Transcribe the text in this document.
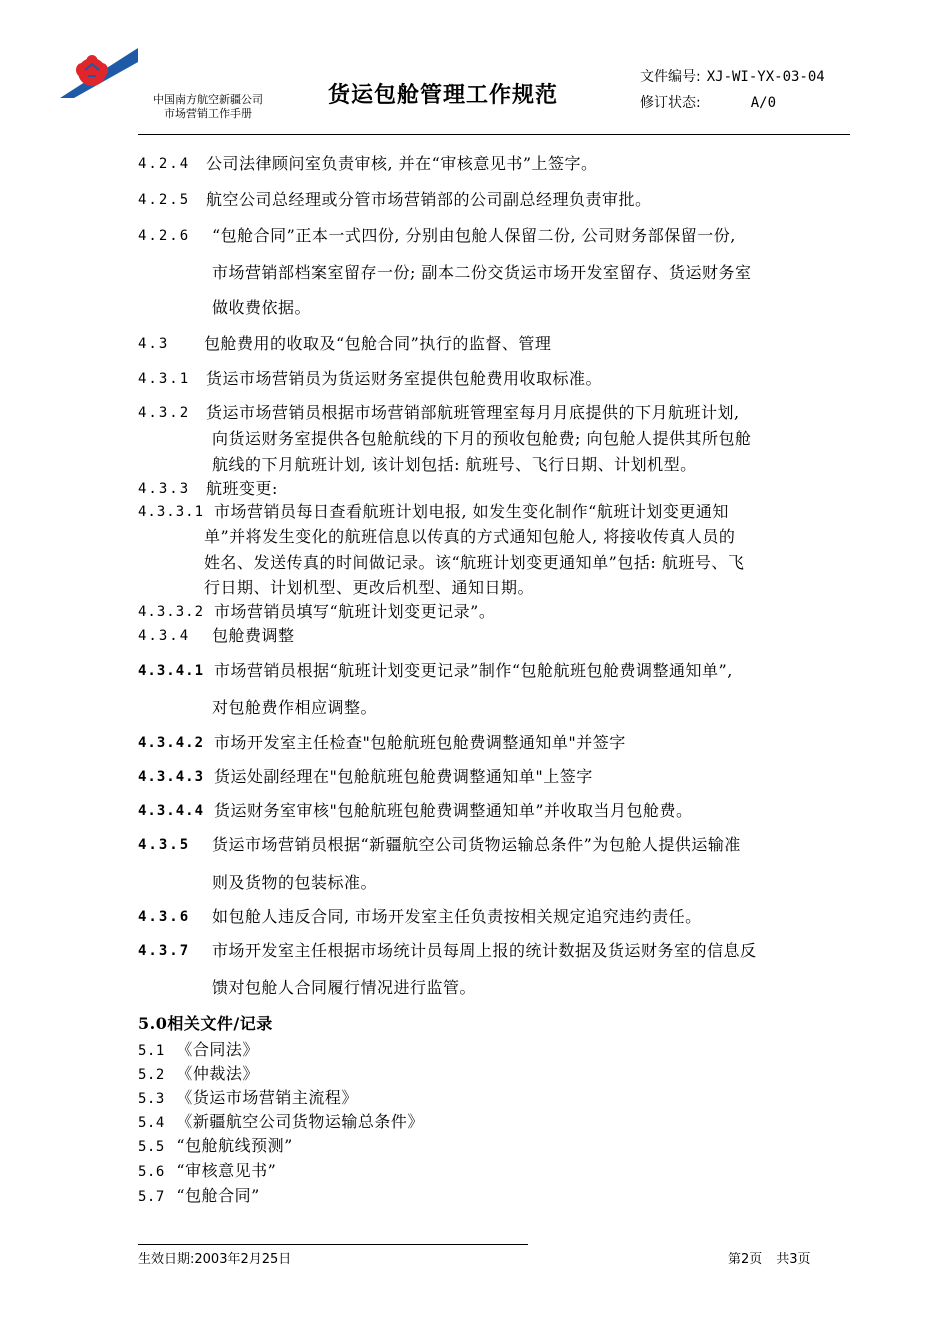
中国南方航空新疆公司
市场营销工作手册
货运包舱管理工作规范
文件编号: XJ-WI-YX-03-04
修订状态:	A/0
4.2.4 公司法律顾问室负责审核, 并在“审核意见书”上签字。
4.2.5 航空公司总经理或分管市场营销部的公司副总经理负责审批。
4.2.6 “包舱合同”正本一式四份, 分别由包舱人保留二份, 公司财务部保留一份,
市场营销部档案室留存一份; 副本二份交货运市场开发室留存、货运财务室
做收费依据。
4.3 包舱费用的收取及“包舱合同”执行的监督、管理
4.3.1 货运市场营销员为货运财务室提供包舱费用收取标准。
4.3.2 货运市场营销员根据市场营销部航班管理室每月月底提供的下月航班计划,
向货运财务室提供各包舱航线的下月的预收包舱费; 向包舱人提供其所包舱
航线的下月航班计划, 该计划包括: 航班号、飞行日期、计划机型。
4.3.3 航班变更:
4.3.3.1 市场营销员每日查看航班计划电报, 如发生变化制作“航班计划变更通知
单”并将发生变化的航班信息以传真的方式通知包舱人, 将接收传真人员的
姓名、发送传真的时间做记录。该“航班计划变更通知单”包括: 航班号、飞
行日期、计划机型、更改后机型、通知日期。
4.3.3.2 市场营销员填写“航班计划变更记录”。
4.3.4 包舱费调整
4.3.4.1 市场营销员根据“航班计划变更记录”制作“包舱航班包舱费调整通知单”,
对包舱费作相应调整。
4.3.4.2 市场开发室主任检查"包舱航班包舱费调整通知单"并签字
4.3.4.3 货运处副经理在"包舱航班包舱费调整通知单"上签字
4.3.4.4 货运财务室审核"包舱航班包舱费调整通知单”并收取当月包舱费。
4.3.5 货运市场营销员根据“新疆航空公司货物运输总条件”为包舱人提供运输准
则及货物的包装标准。
4.3.6 如包舱人违反合同, 市场开发室主任负责按相关规定追究违约责任。
4.3.7 市场开发室主任根据市场统计员每周上报的统计数据及货运财务室的信息反
馈对包舱人合同履行情况进行监管。
5.0相关文件/记录
5.1 《合同法》
5.2 《仲裁法》
5.3 《货运市场营销主流程》
5.4 《新疆航空公司货物运输总条件》
5.5 “包舱航线预测”
5.6 “审核意见书”
5.7 “包舱合同”
生效日期:2003年2月25日	第2页 共3页
